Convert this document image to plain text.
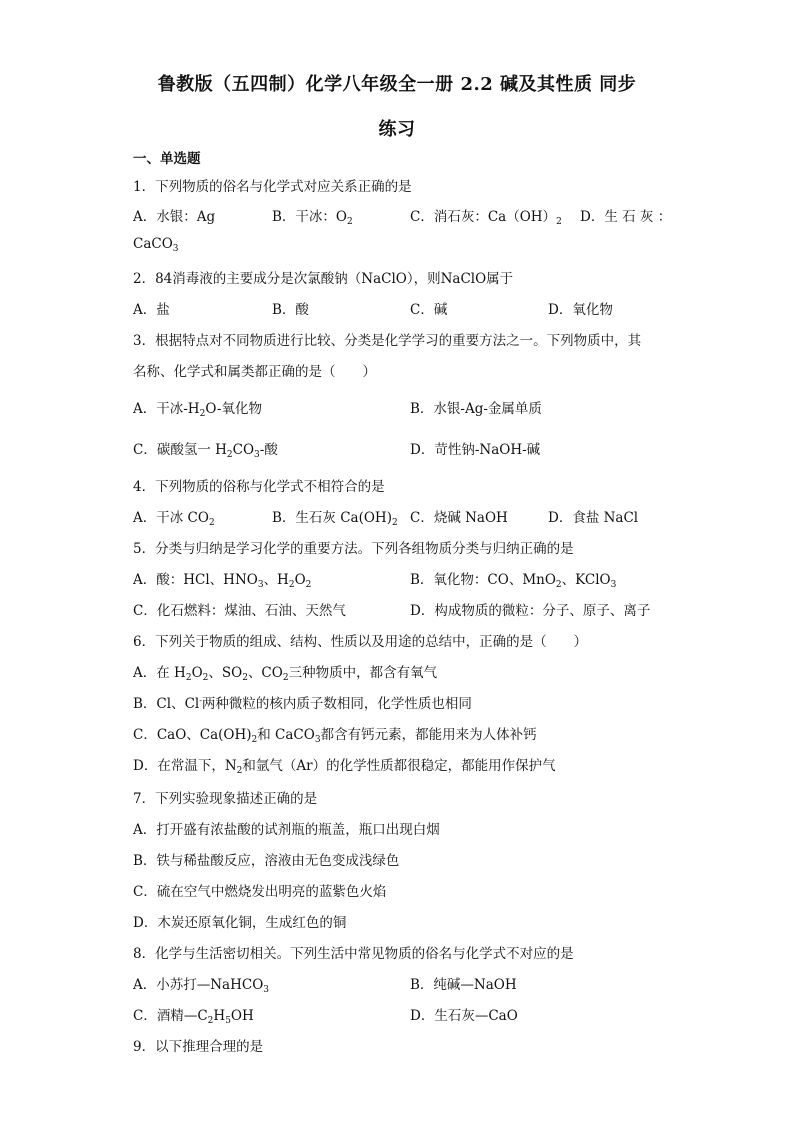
鲁教版（五四制）化学八年级全一册 2.2 碱及其性质 同步
练习
一、单选题
1．下列物质的俗名与化学式对应关系正确的是
A．水银：Ag	B．干冰：$O_2$	C．消石灰：$Ca(OH)_2$ D．生 石 灰 ：
CaCO$_3$
2．84消毒液的主要成分是次氯酸钠（NaClO），则NaClO属于
A．盐	B．酸	C．碱	D．氧化物
3．根据特点对不同物质进行比较、分类是化学学习的重要方法之一。下列物质中，其
名称、化学式和属类都正确的是（　　）
A．干冰$-H_2O-$氧化物	B．水银-Ag-金属单质
C．碳酸氢一 $H_2CO_3-$酸	D．苛性钠-NaOH-碱
4．下列物质的俗称与化学式不相符合的是
A．干冰 $CO_2$	B．生石灰 $Ca(OH)_2$ C．烧碱 NaOH	D．食盐 NaCl
5．分类与归纳是学习化学的重要方法。下列各组物质分类与归纳正确的是
A．酸：HCl、$HNO_3$、$H_2O_2$	B．氧化物：CO、MnO$_2$、KClO$_3$
C．化石燃料：煤油、石油、天然气	D．构成物质的微粒：分子、原子、离子
6．下列关于物质的组成、结构、性质以及用途的总结中，正确的是（　　）
A．在 $H_2O_2$、$SO_2$、$CO_2$三种物质中，都含有氧气
B．Cl、Cl-两种微粒的核内质子数相同，化学性质也相同
C．CaO、$Ca(OH)_2$和 CaCO$_3$都含有钙元素，都能用来为人体补钙
D．在常温下，$N_2$和氩气（Ar）的化学性质都很稳定，都能用作保护气
7．下列实验现象描述正确的是
A．打开盛有浓盐酸的试剂瓶的瓶盖，瓶口出现白烟
B．铁与稀盐酸反应，溶液由无色变成浅绿色
C．硫在空气中燃烧发出明亮的蓝紫色火焰
D．木炭还原氧化铜，生成红色的铜
8．化学与生活密切相关。下列生活中常见物质的俗名与化学式不对应的是
A．小苏打—NaHCO$_3$	B．纯碱—NaOH
C．酒精$—C_2H_5OH$	D．生石灰—CaO
9．以下推理合理的是
